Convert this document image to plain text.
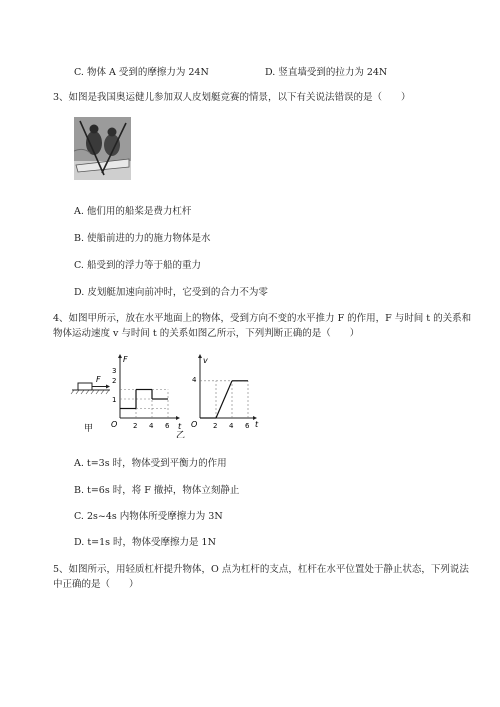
C. 物体 A 受到的摩擦力为 24N	D. 竖直墙受到的拉力为 24N
3、如图是我国奥运健儿参加双人皮划艇竞赛的情景，以下有关说法错误的是（　　）
A. 他们用的船桨是费力杠杆
B. 使船前进的力的施力物体是水
C. 船受到的浮力等于船的重力
D. 皮划艇加速向前冲时，它受到的合力不为零
4、如图甲所示，放在水平地面上的物体，受到方向不变的水平推力 F 的作用，F 与时间 t 的关系和物体运动速度 v 与时间 t 的关系如图乙所示，下列判断正确的是（　　）
F
甲
F
t
O
1
2
3
2 4 6
乙
v
t
O
4
2 4 6
A. t=3s 时，物体受到平衡力的作用
B. t=6s 时，将 F 撤掉，物体立刻静止
C. 2s~4s 内物体所受摩擦力为 3N
D. t=1s 时，物体受摩擦力是 1N
5、如图所示，用轻质杠杆提升物体，O 点为杠杆的支点，杠杆在水平位置处于静止状态，下列说法中正确的是（　　）
